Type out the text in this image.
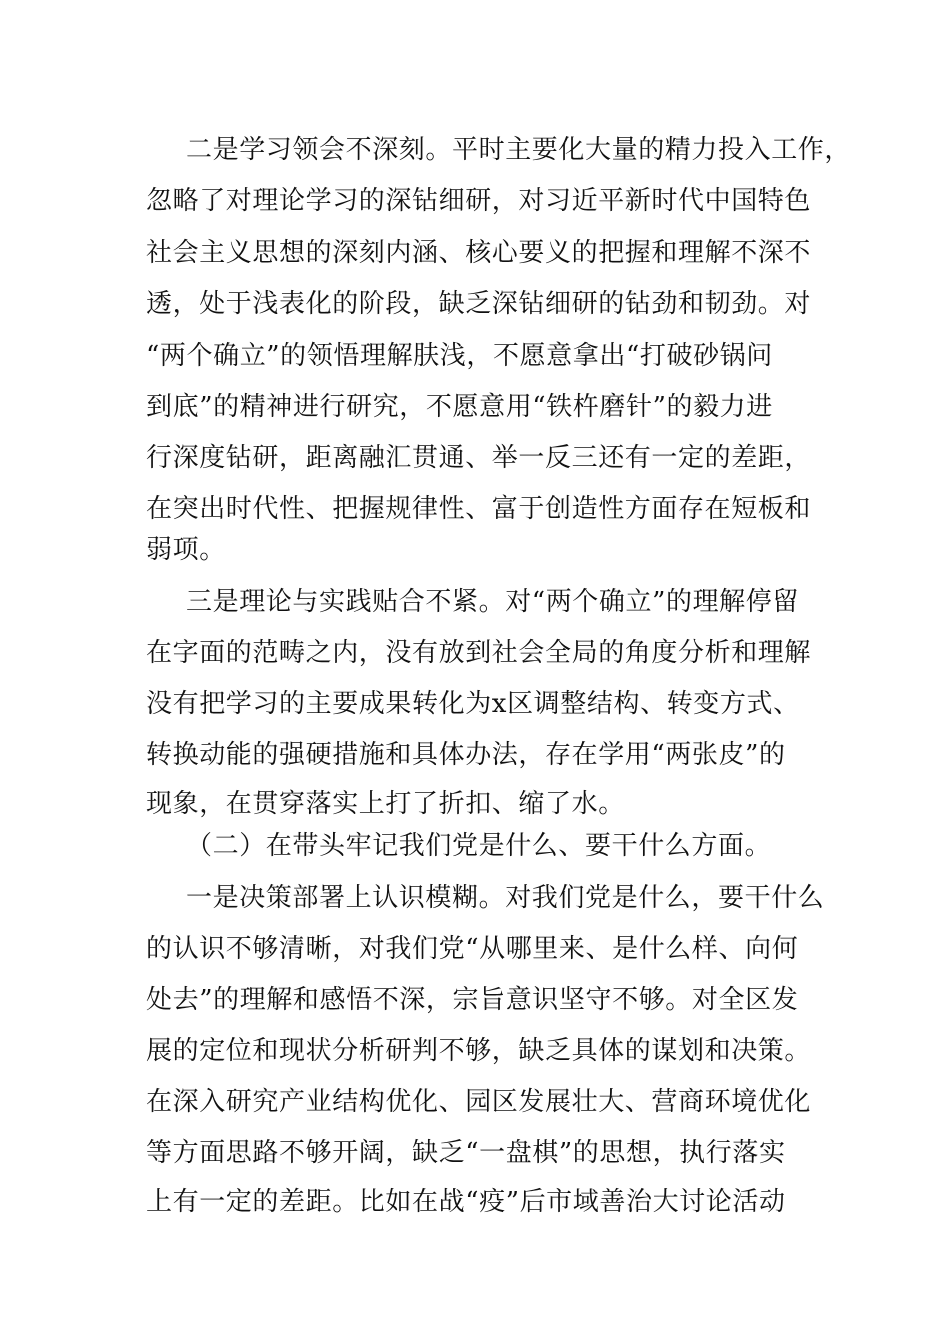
二是学习领会不深刻。平时主要化大量的精力投入工作，
忽略了对理论学习的深钻细研，对习近平新时代中国特色
社会主义思想的深刻内涵、核心要义的把握和理解不深不
透，处于浅表化的阶段，缺乏深钻细研的钻劲和韧劲。对
“两个确立”的领悟理解肤浅，不愿意拿出“打破砂锅问
到底”的精神进行研究，不愿意用“铁杵磨针”的毅力进
行深度钻研，距离融汇贯通、举一反三还有一定的差距，
在突出时代性、把握规律性、富于创造性方面存在短板和
弱项。
三是理论与实践贴合不紧。对“两个确立”的理解停留
在字面的范畴之内，没有放到社会全局的角度分析和理解
没有把学习的主要成果转化为x区调整结构、转变方式、
转换动能的强硬措施和具体办法，存在学用“两张皮”的
现象，在贯穿落实上打了折扣、缩了水。
（二）在带头牢记我们党是什么、要干什么方面。
一是决策部署上认识模糊。对我们党是什么，要干什么
的认识不够清晰，对我们党“从哪里来、是什么样、向何
处去”的理解和感悟不深，宗旨意识坚守不够。对全区发
展的定位和现状分析研判不够，缺乏具体的谋划和决策。
在深入研究产业结构优化、园区发展壮大、营商环境优化
等方面思路不够开阔，缺乏“一盘棋”的思想，执行落实
上有一定的差距。比如在战“疫”后市域善治大讨论活动
